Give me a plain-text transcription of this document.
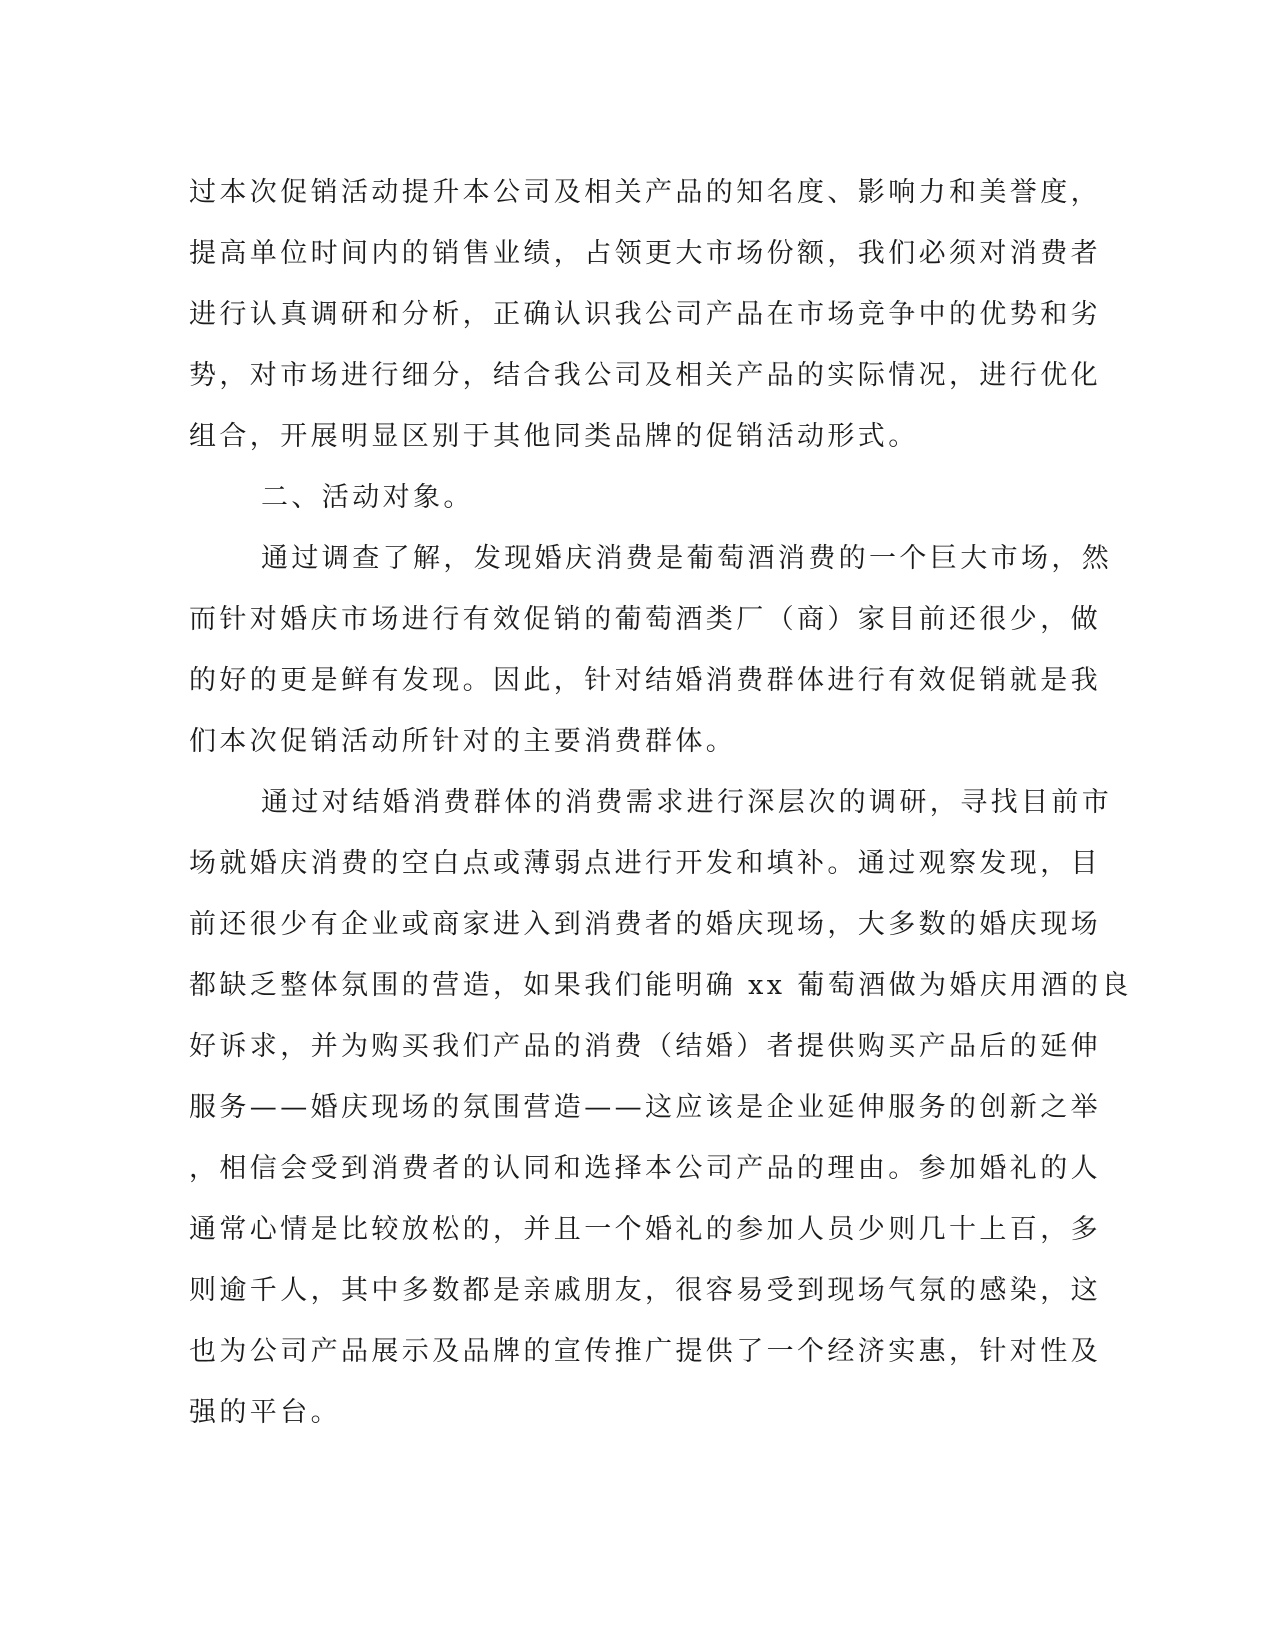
过本次促销活动提升本公司及相关产品的知名度、影响力和美誉度，
提高单位时间内的销售业绩，占领更大市场份额，我们必须对消费者
进行认真调研和分析，正确认识我公司产品在市场竞争中的优势和劣
势，对市场进行细分，结合我公司及相关产品的实际情况，进行优化
组合，开展明显区别于其他同类品牌的促销活动形式。
二、活动对象。
通过调查了解，发现婚庆消费是葡萄酒消费的一个巨大市场，然
而针对婚庆市场进行有效促销的葡萄酒类厂（商）家目前还很少，做
的好的更是鲜有发现。因此，针对结婚消费群体进行有效促销就是我
们本次促销活动所针对的主要消费群体。
通过对结婚消费群体的消费需求进行深层次的调研，寻找目前市
场就婚庆消费的空白点或薄弱点进行开发和填补。通过观察发现，目
前还很少有企业或商家进入到消费者的婚庆现场，大多数的婚庆现场
都缺乏整体氛围的营造，如果我们能明确 xx 葡萄酒做为婚庆用酒的良
好诉求，并为购买我们产品的消费（结婚）者提供购买产品后的延伸
服务——婚庆现场的氛围营造——这应该是企业延伸服务的创新之举
，相信会受到消费者的认同和选择本公司产品的理由。参加婚礼的人
通常心情是比较放松的，并且一个婚礼的参加人员少则几十上百，多
则逾千人，其中多数都是亲戚朋友，很容易受到现场气氛的感染，这
也为公司产品展示及品牌的宣传推广提供了一个经济实惠，针对性及
强的平台。
